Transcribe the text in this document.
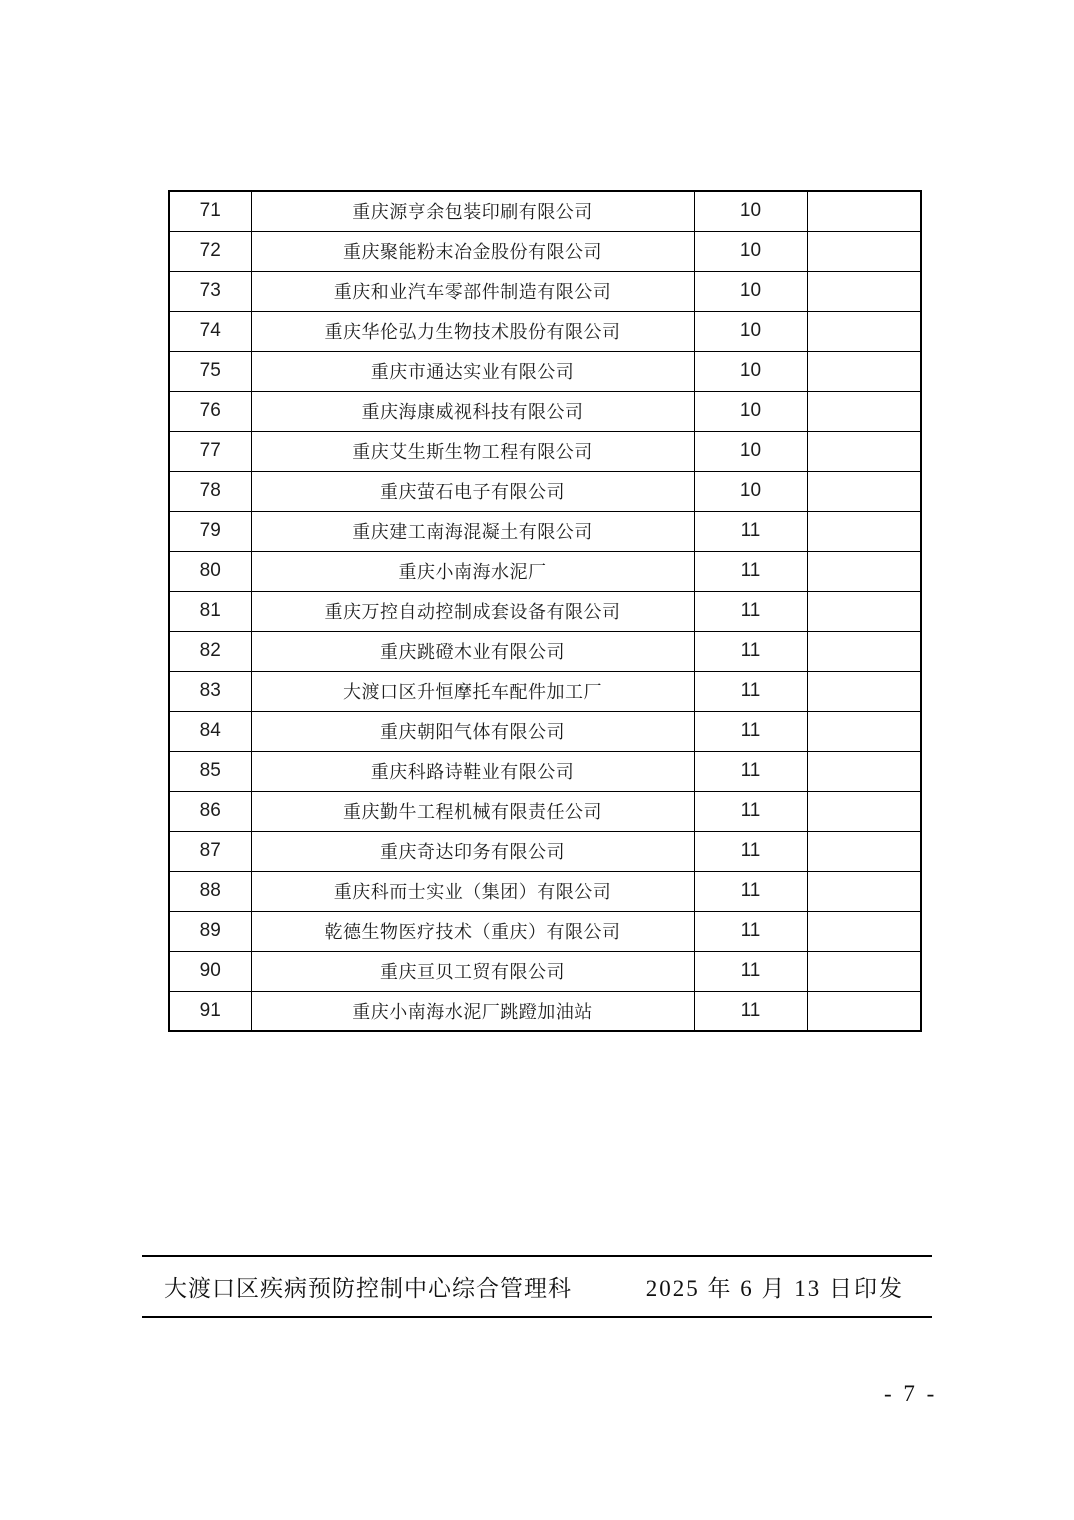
71	重庆源亨余包装印刷有限公司	10	
72	重庆聚能粉末冶金股份有限公司	10	
73	重庆和业汽车零部件制造有限公司	10	
74	重庆华伦弘力生物技术股份有限公司	10	
75	重庆市通达实业有限公司	10	
76	重庆海康威视科技有限公司	10	
77	重庆艾生斯生物工程有限公司	10	
78	重庆萤石电子有限公司	10	
79	重庆建工南海混凝土有限公司	11	
80	重庆小南海水泥厂	11	
81	重庆万控自动控制成套设备有限公司	11	
82	重庆跳磴木业有限公司	11	
83	大渡口区升恒摩托车配件加工厂	11	
84	重庆朝阳气体有限公司	11	
85	重庆科路诗鞋业有限公司	11	
86	重庆勤牛工程机械有限责任公司	11	
87	重庆奇达印务有限公司	11	
88	重庆科而士实业（集团）有限公司	11	
89	乾德生物医疗技术（重庆）有限公司	11	
90	重庆亘贝工贸有限公司	11	
91	重庆小南海水泥厂跳蹬加油站	11	
大渡口区疾病预防控制中心综合管理科	2025 年 6 月 13 日印发
- 7 -
